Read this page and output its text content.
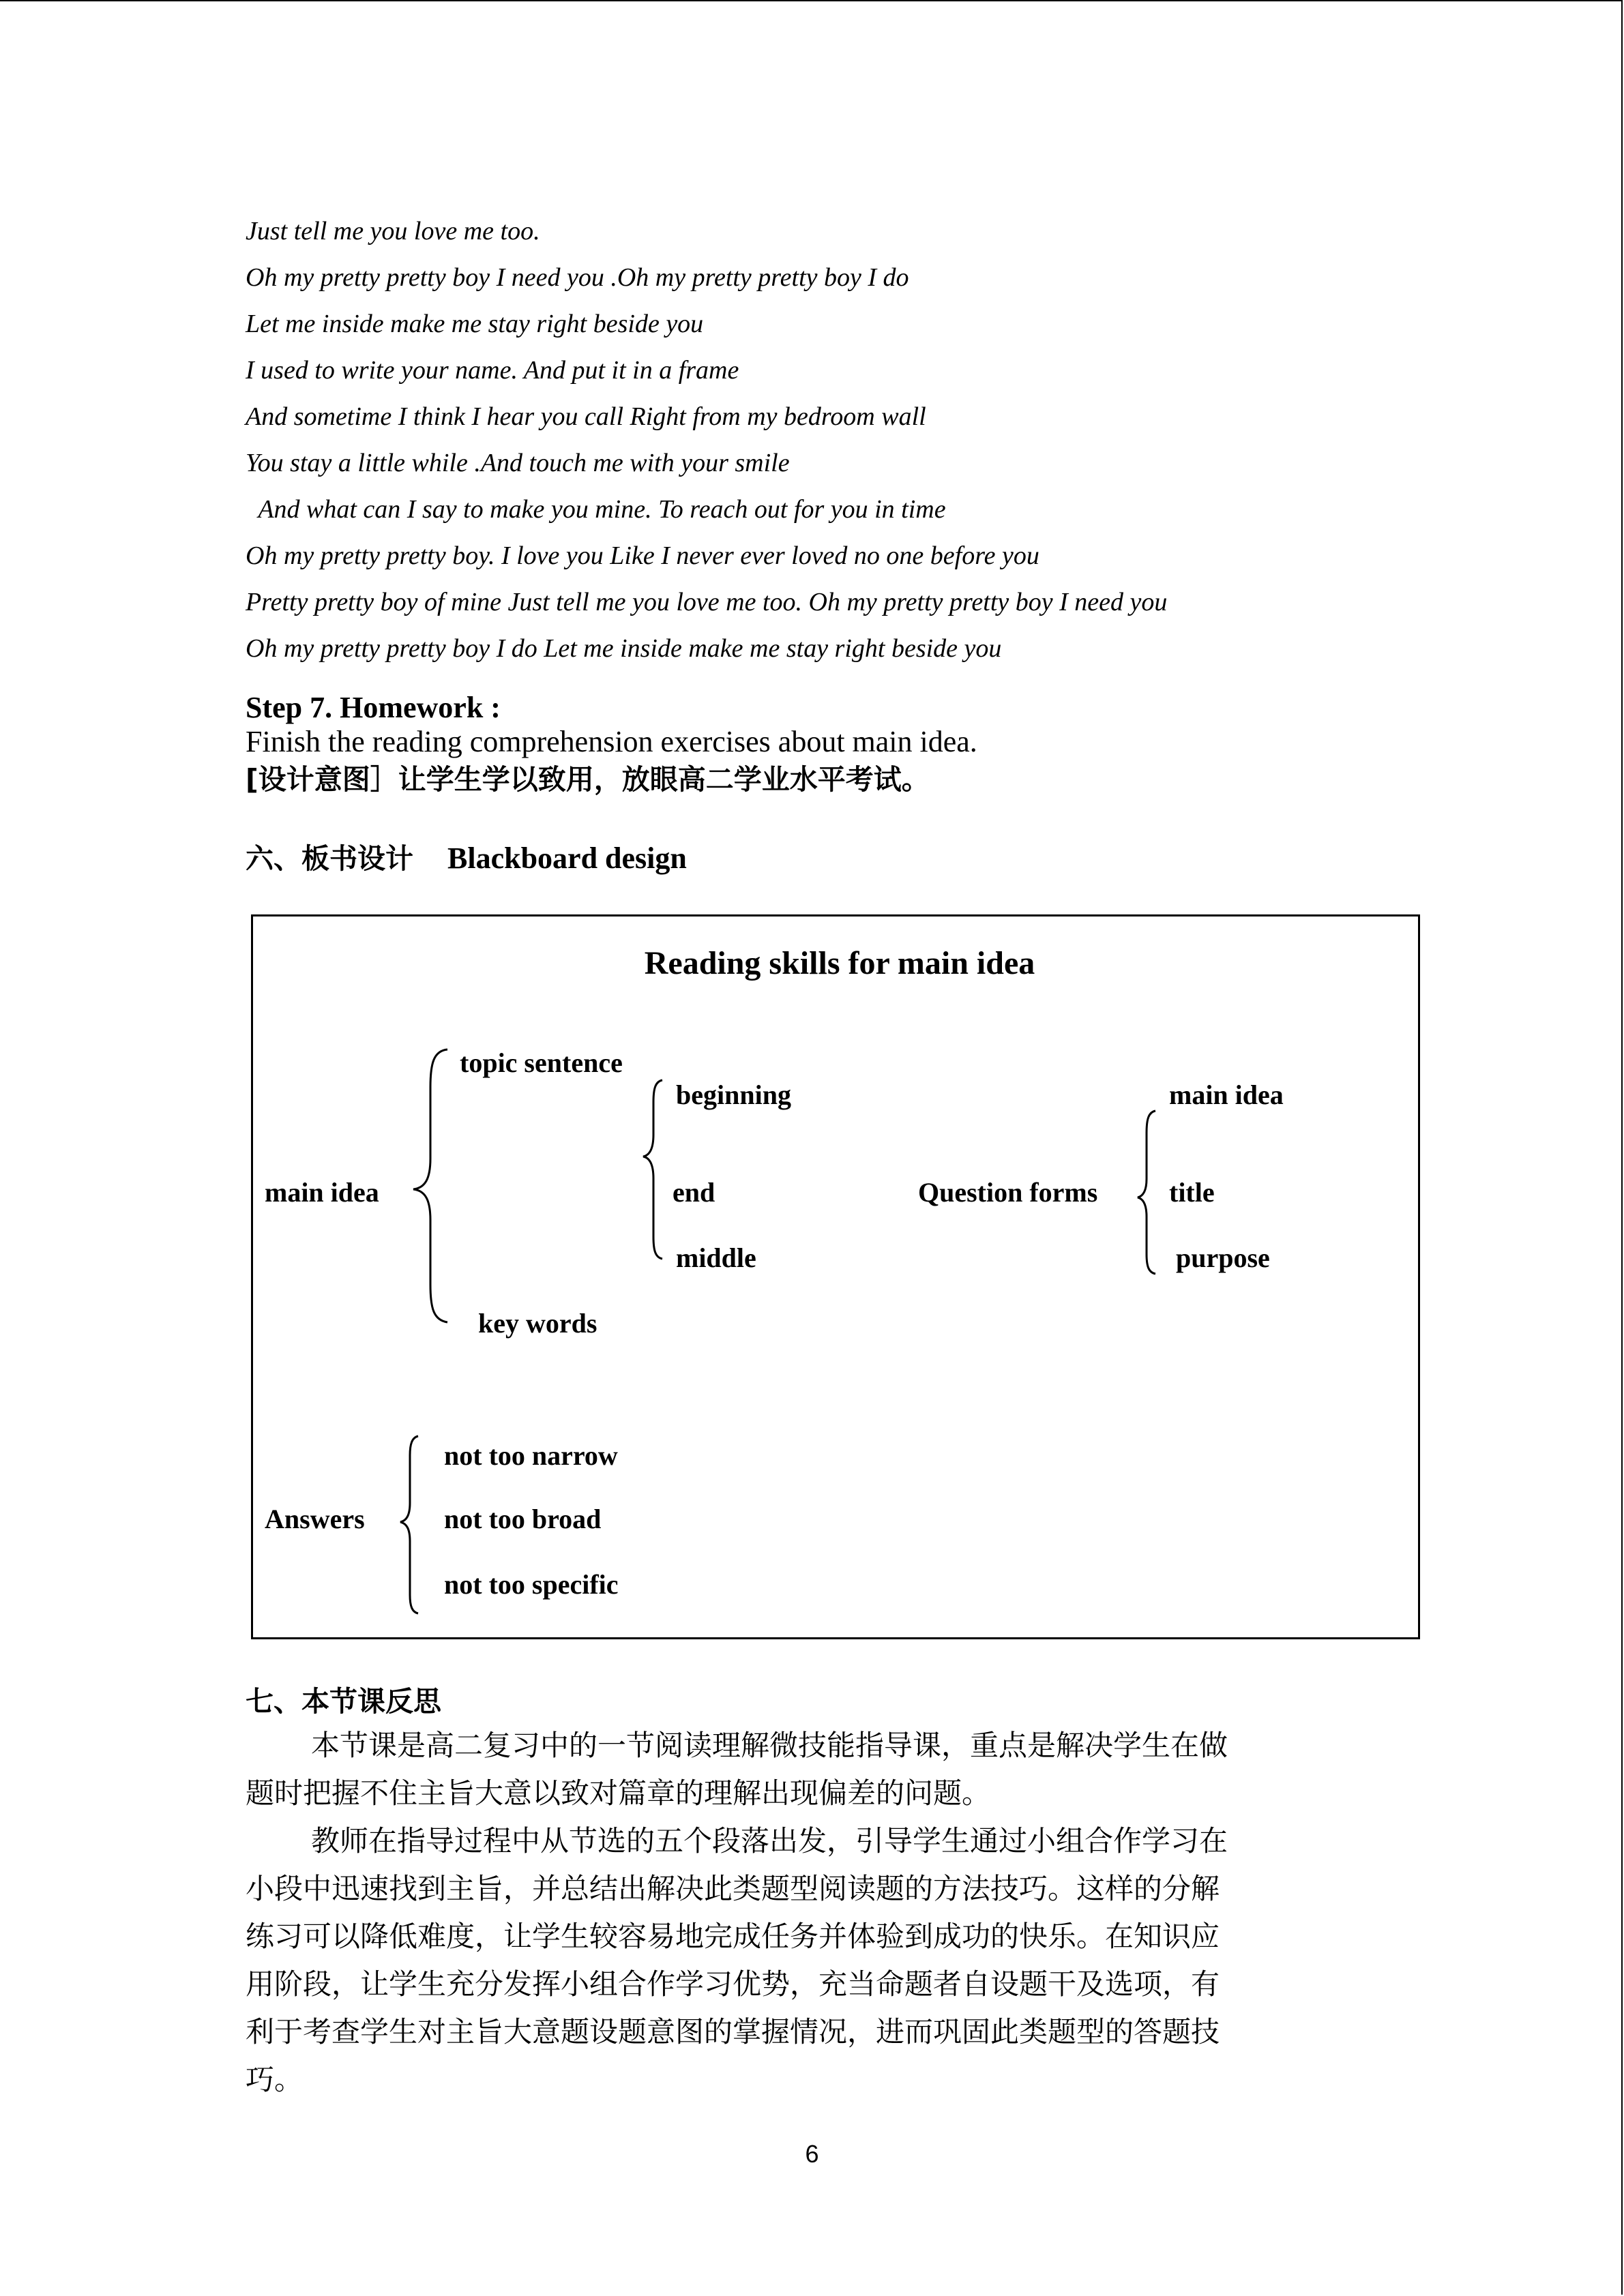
Just tell me you love me too.
Oh my pretty pretty boy I need you .Oh my pretty pretty boy I do
Let me inside make me stay right beside you
I used to write your name. And put it in a frame
And sometime I think I hear you call Right from my bedroom wall
You stay a little while .And touch me with your smile
And what can I say to make you mine. To reach out for you in time
Oh my pretty pretty boy. I love you Like I never ever loved no one before you
Pretty pretty boy of mine Just tell me you love me too. Oh my pretty pretty boy I need you
Oh my pretty pretty boy I do Let me inside make me stay right beside you
Step 7. Homework :
Finish the reading comprehension exercises about main idea.
[设计意图］让学生学以致用，放眼高二学业水平考试。
六、板书设计 Blackboard design
Reading skills for main idea
main idea
topic sentence
key words
beginning
end
middle
Question forms
main idea
title
purpose
Answers
not too narrow
not too broad
not too specific
七、本节课反思
本节课是高二复习中的一节阅读理解微技能指导课，重点是解决学生在做
题时把握不住主旨大意以致对篇章的理解出现偏差的问题。
教师在指导过程中从节选的五个段落出发，引导学生通过小组合作学习在
小段中迅速找到主旨，并总结出解决此类题型阅读题的方法技巧。这样的分解
练习可以降低难度，让学生较容易地完成任务并体验到成功的快乐。在知识应
用阶段，让学生充分发挥小组合作学习优势，充当命题者自设题干及选项，有
利于考查学生对主旨大意题设题意图的掌握情况，进而巩固此类题型的答题技
巧。
6
